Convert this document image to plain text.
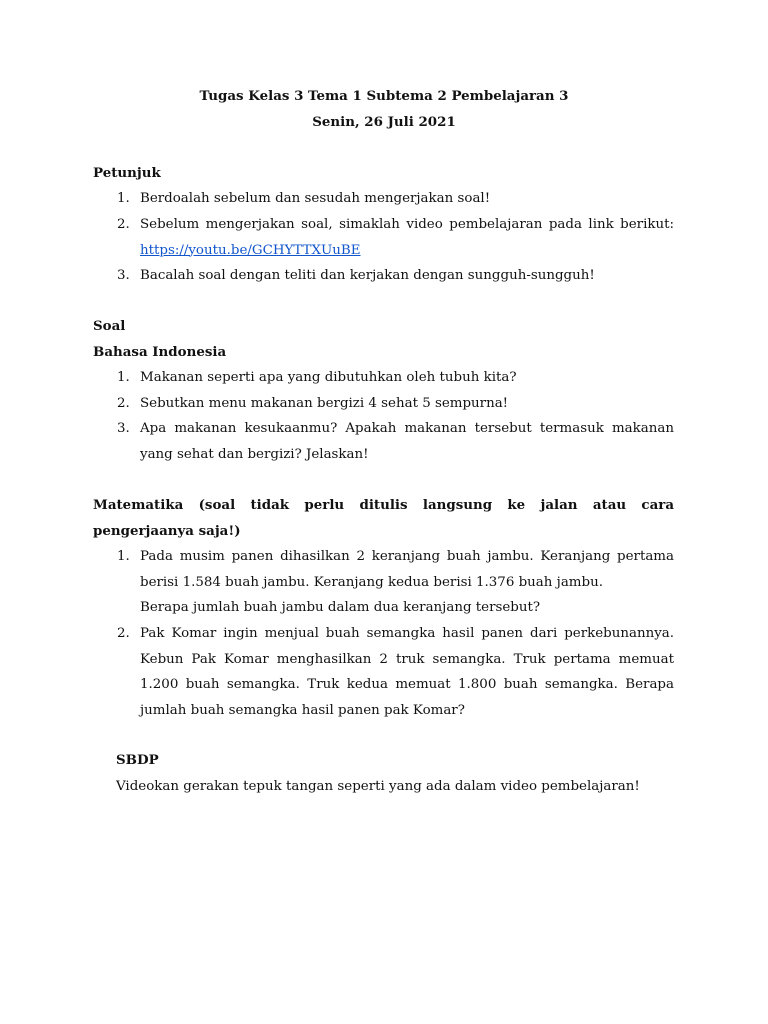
Tugas Kelas 3 Tema 1 Subtema 2 Pembelajaran 3
Senin, 26 Juli 2021
Petunjuk
1. Berdoalah sebelum dan sesudah mengerjakan soal!
2. Sebelum mengerjakan soal, simaklah video pembelajaran pada link berikut:
https://youtu.be/GCHYTTXUuBE
3. Bacalah soal dengan teliti dan kerjakan dengan sungguh-sungguh!
Soal
Bahasa Indonesia
1. Makanan seperti apa yang dibutuhkan oleh tubuh kita?
2. Sebutkan menu makanan bergizi 4 sehat 5 sempurna!
3. Apa makanan kesukaanmu? Apakah makanan tersebut termasuk makanan yang sehat dan bergizi? Jelaskan!
Matematika (soal tidak perlu ditulis langsung ke jalan atau cara pengerjaanya saja!)
1. Pada musim panen dihasilkan 2 keranjang buah jambu. Keranjang pertama berisi 1.584 buah jambu. Keranjang kedua berisi 1.376 buah jambu.
Berapa jumlah buah jambu dalam dua keranjang tersebut?
2. Pak Komar ingin menjual buah semangka hasil panen dari perkebunannya. Kebun Pak Komar menghasilkan 2 truk semangka. Truk pertama memuat 1.200 buah semangka. Truk kedua memuat 1.800 buah semangka. Berapa jumlah buah semangka hasil panen pak Komar?
SBDP

Videokan gerakan tepuk tangan seperti yang ada dalam video pembelajaran!
